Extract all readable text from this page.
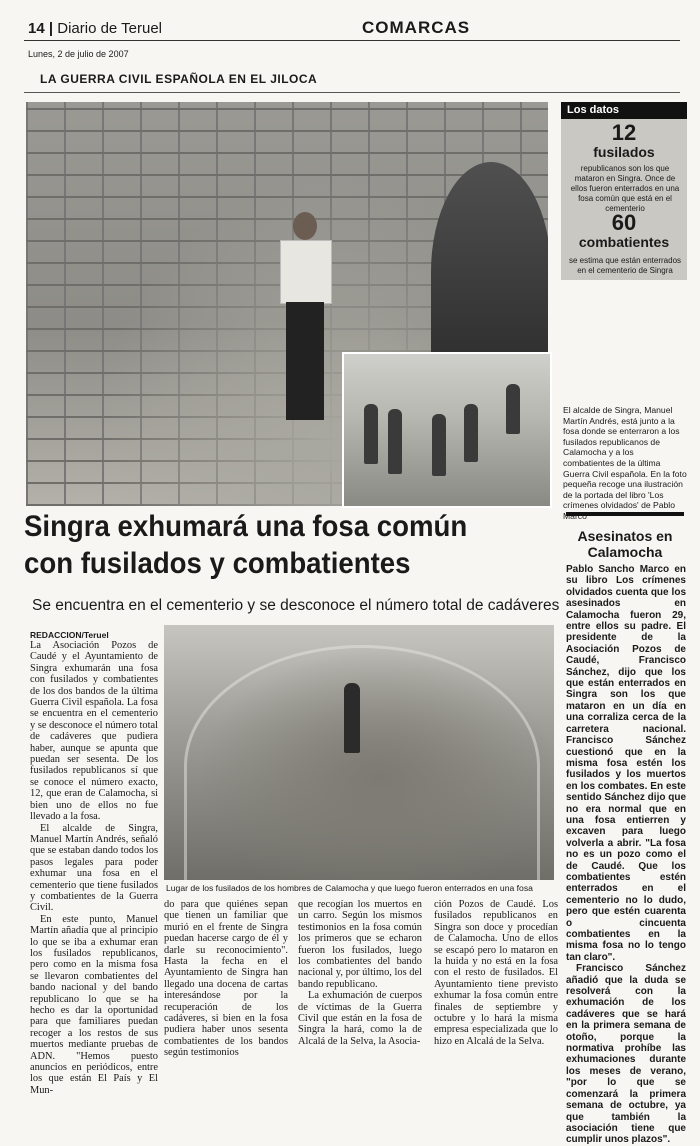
14 | Diario de Teruel	COMARCAS
Lunes, 2 de julio de 2007
LA GUERRA CIVIL ESPAÑOLA EN EL JILOCA
Los datos
12
fusilados
republicanos son los que mataron en Singra. Once de ellos fueron enterrados en una fosa común que está en el cementerio
60
combatientes
se estima que están enterrados en el cementerio de Singra
El alcalde de Singra, Manuel Martín Andrés, está junto a la fosa donde se enterraron a los fusilados republicanos de Calamocha y a los combatientes de la última Guerra Civil española. En la foto pequeña recoge una ilustración de la portada del libro 'Los crímenes olvidados' de Pablo Marco
Singra exhumará una fosa común con fusilados y combatientes
Se encuentra en el cementerio y se desconoce el número total de cadáveres
Asesinatos en Calamocha
Pablo Sancho Marco en su libro Los crímenes olvidados cuenta que los asesinados en Calamocha fueron 29, entre ellos su padre. El presidente de la Asociación Pozos de Caudé, Francisco Sánchez, dijo que los que están enterrados en Singra son los que mataron en un día en una corraliza cerca de la carretera nacional. Francisco Sánchez cuestionó que en la misma fosa estén los fusilados y los muertos en los combates. En este sentido Sánchez dijo que no era normal que en una fosa entierren y excaven para luego volverla a abrir. "La fosa no es un pozo como el de Caudé. Que los combatientes estén enterrados en el cementerio no lo dudo, pero que estén cuarenta o cincuenta combatientes en la misma fosa no lo tengo tan claro".
Francisco Sánchez añadió que la duda se resolverá con la exhumación de los cadáveres que se hará en la primera semana de otoño, porque la normativa prohíbe las exhumaciones durante los meses de verano, "por lo que se comenzará la primera semana de octubre, ya que también la asociación tiene que cumplir unos plazos".
REDACCION/Teruel

La Asociación Pozos de Caudé y el Ayuntamiento de Singra exhumarán una fosa con fusilados y combatientes de los dos bandos de la última Guerra Civil española. La fosa se encuentra en el cementerio y se desconoce el número total de cadáveres que pudiera haber, aunque se apunta que puedan ser sesenta. De los fusilados republicanos sí que se conoce el número exacto, 12, que eran de Calamocha, si bien uno de ellos no fue llevado a la fosa.

El alcalde de Singra, Manuel Martín Andrés, señaló que se estaban dando todos los pasos legales para poder exhumar una fosa en el cementerio que tiene fusilados y combatientes de la Guerra Civil.

En este punto, Manuel Martín añadía que al principio lo que se iba a exhumar eran los fusilados republicanos, pero como en la misma fosa se llevaron combatientes del bando nacional y del bando republicano lo que se ha hecho es dar la oportunidad para que familiares puedan recoger a los restos de sus muertos mediante pruebas de ADN. "Hemos puesto anuncios en periódicos, entre los que están El País y El Mun-

Lugar de los fusilados de los hombres de Calamocha y que luego fueron enterrados en una fosa

do para que quiénes sepan que tienen un familiar que murió en el frente de Singra puedan hacerse cargo de él y darle su reconocimiento". Hasta la fecha en el Ayuntamiento de Singra han llegado una docena de cartas interesándose por la recuperación de los cadáveres, si bien en la fosa pudiera haber unos sesenta combatientes de los bandos según testimonios

que recogían los muertos en un carro. Según los mismos testimonios en la fosa común los primeros que se echaron fueron los fusilados, luego los combatientes del bando nacional y, por último, los del bando republicano.

La exhumación de cuerpos de víctimas de la Guerra Civil que están en la fosa de Singra la hará, como la de Alcalá de la Selva, la Asocia-

ción Pozos de Caudé. Los fusilados republicanos en Singra son doce y procedían de Calamocha. Uno de ellos se escapó pero lo mataron en la huida y no está en la fosa con el resto de fusilados. El Ayuntamiento tiene previsto exhumar la fosa común entre finales de septiembre y octubre y lo hará la misma empresa especializada que lo hizo en Alcalá de la Selva.
